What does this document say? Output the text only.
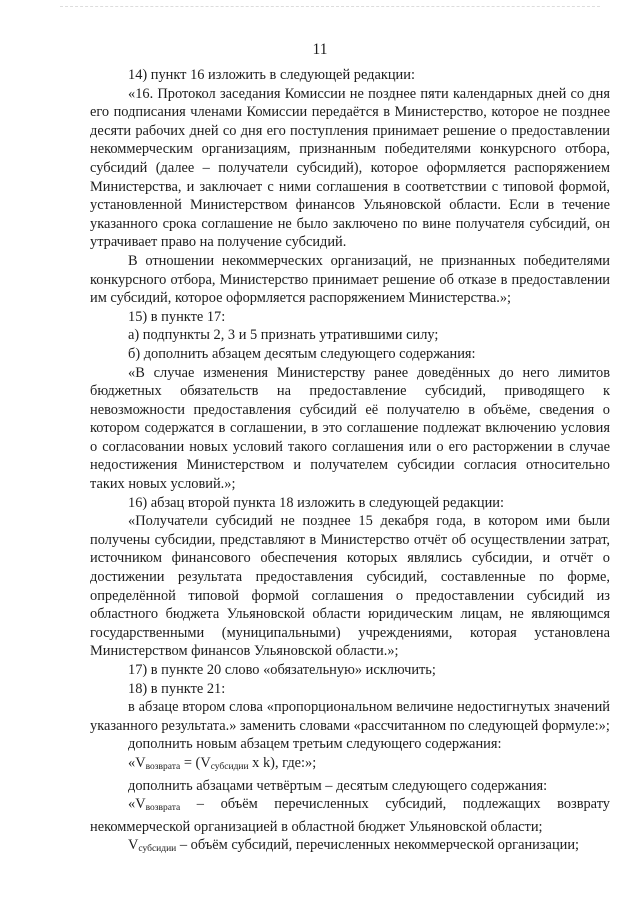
11

14) пункт 16 изложить в следующей редакции:

«16. Протокол заседания Комиссии не позднее пяти календарных дней со дня его подписания членами Комиссии передаётся в Министерство, которое не позднее десяти рабочих дней со дня его поступления принимает решение о предоставлении некоммерческим организациям, признанным победителями конкурсного отбора, субсидий (далее – получатели субсидий), которое оформляется распоряжением Министерства, и заключает с ними соглашения в соответствии с типовой формой, установленной Министерством финансов Ульяновской области. Если в течение указанного срока соглашение не было заключено по вине получателя субсидий, он утрачивает право на получение субсидий.

В отношении некоммерческих организаций, не признанных победителями конкурсного отбора, Министерство принимает решение об отказе в предоставлении им субсидий, которое оформляется распоряжением Министерства.»;

15) в пункте 17:

а) подпункты 2, 3 и 5 признать утратившими силу;

б) дополнить абзацем десятым следующего содержания:

«В случае изменения Министерству ранее доведённых до него лимитов бюджетных обязательств на предоставление субсидий, приводящего к невозможности предоставления субсидий её получателю в объёме, сведения о котором содержатся в соглашении, в это соглашение подлежат включению условия о согласовании новых условий такого соглашения или о его расторжении в случае недостижения Министерством и получателем субсидии согласия относительно таких новых условий.»;

16) абзац второй пункта 18 изложить в следующей редакции:

«Получатели субсидий не позднее 15 декабря года, в котором ими были получены субсидии, представляют в Министерство отчёт об осуществлении затрат, источником финансового обеспечения которых являлись субсидии, и отчёт о достижении результата предоставления субсидий, составленные по форме, определённой типовой формой соглашения о предоставлении субсидий из областного бюджета Ульяновской области юридическим лицам, не являющимся государственными (муниципальными) учреждениями, которая установлена Министерством финансов Ульяновской области.»;

17) в пункте 20 слово «обязательную» исключить;

18) в пункте 21:

в абзаце втором слова «пропорциональном величине недостигнутых значений указанного результата.» заменить словами «рассчитанном по следующей формуле:»;

дополнить новым абзацем третьим следующего содержания:

«$V_{возврата} = (V_{субсидии}$ x k), где:»;

дополнить абзацами четвёртым – десятым следующего содержания:

«$V_{возврата}$ – объём перечисленных субсидий, подлежащих возврату некоммерческой организацией в областной бюджет Ульяновской области;

$V_{субсидии}$ – объём субсидий, перечисленных некоммерческой организации;
